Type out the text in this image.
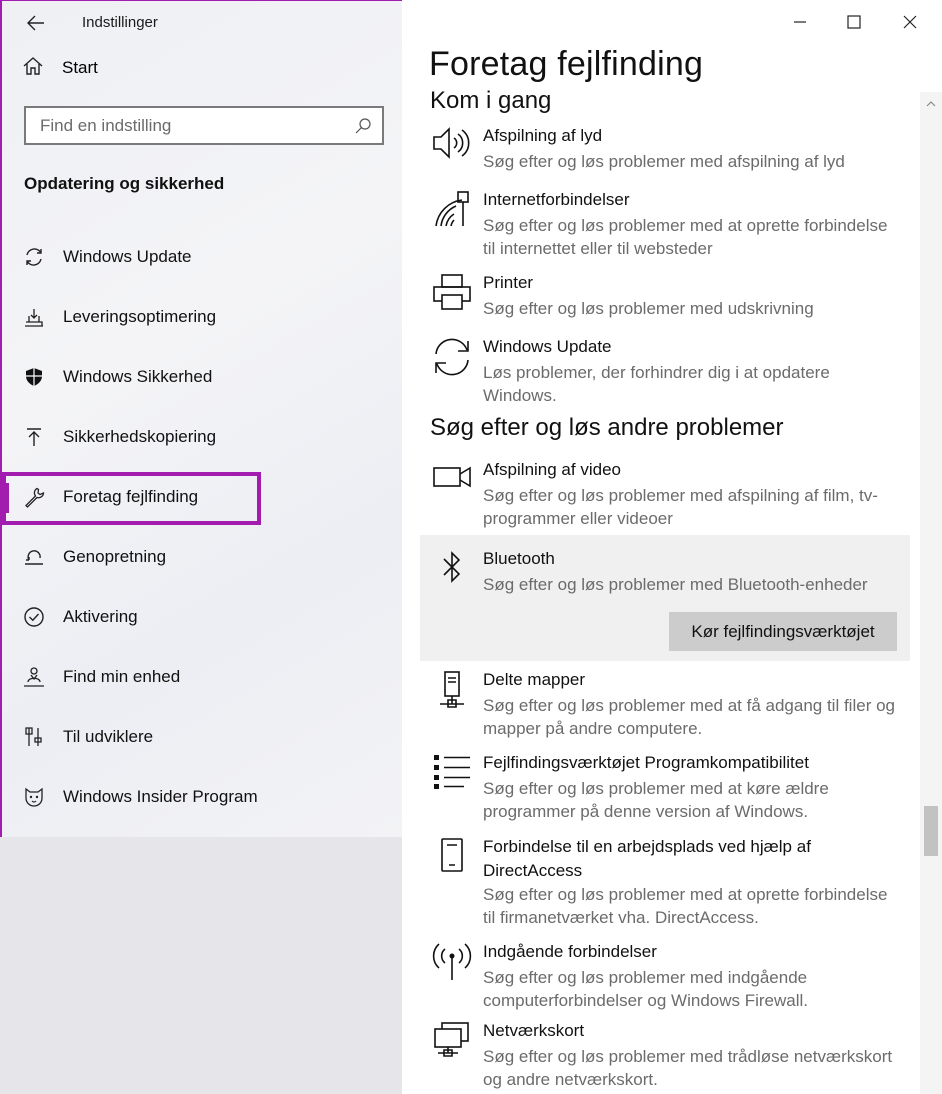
Indstillinger
Start
Find en indstilling
Opdatering og sikkerhed
Windows Update
Leveringsoptimering
Windows Sikkerhed
Sikkerhedskopiering
Foretag fejlfinding
Genopretning
Aktivering
Find min enhed
Til udviklere
Windows Insider Program
Foretag fejlfinding
Kom i gang
Afspilning af lyd
Søg efter og løs problemer med afspilning af lyd
Internetforbindelser
Søg efter og løs problemer med at oprette forbindelse til internettet eller til websteder
Printer
Søg efter og løs problemer med udskrivning
Windows Update
Løs problemer, der forhindrer dig i at opdatere Windows.
Søg efter og løs andre problemer
Afspilning af video
Søg efter og løs problemer med afspilning af film, tv-programmer eller videoer
Bluetooth
Søg efter og løs problemer med Bluetooth-enheder
Kør fejlfindingsværktøjet
Delte mapper
Søg efter og løs problemer med at få adgang til filer og mapper på andre computere.
Fejlfindingsværktøjet Programkompatibilitet
Søg efter og løs problemer med at køre ældre programmer på denne version af Windows.
Forbindelse til en arbejdsplads ved hjælp af DirectAccess
Søg efter og løs problemer med at oprette forbindelse til firmanetværket vha. DirectAccess.
Indgående forbindelser
Søg efter og løs problemer med indgående computerforbindelser og Windows Firewall.
Netværkskort
Søg efter og løs problemer med trådløse netværkskort og andre netværkskort.
